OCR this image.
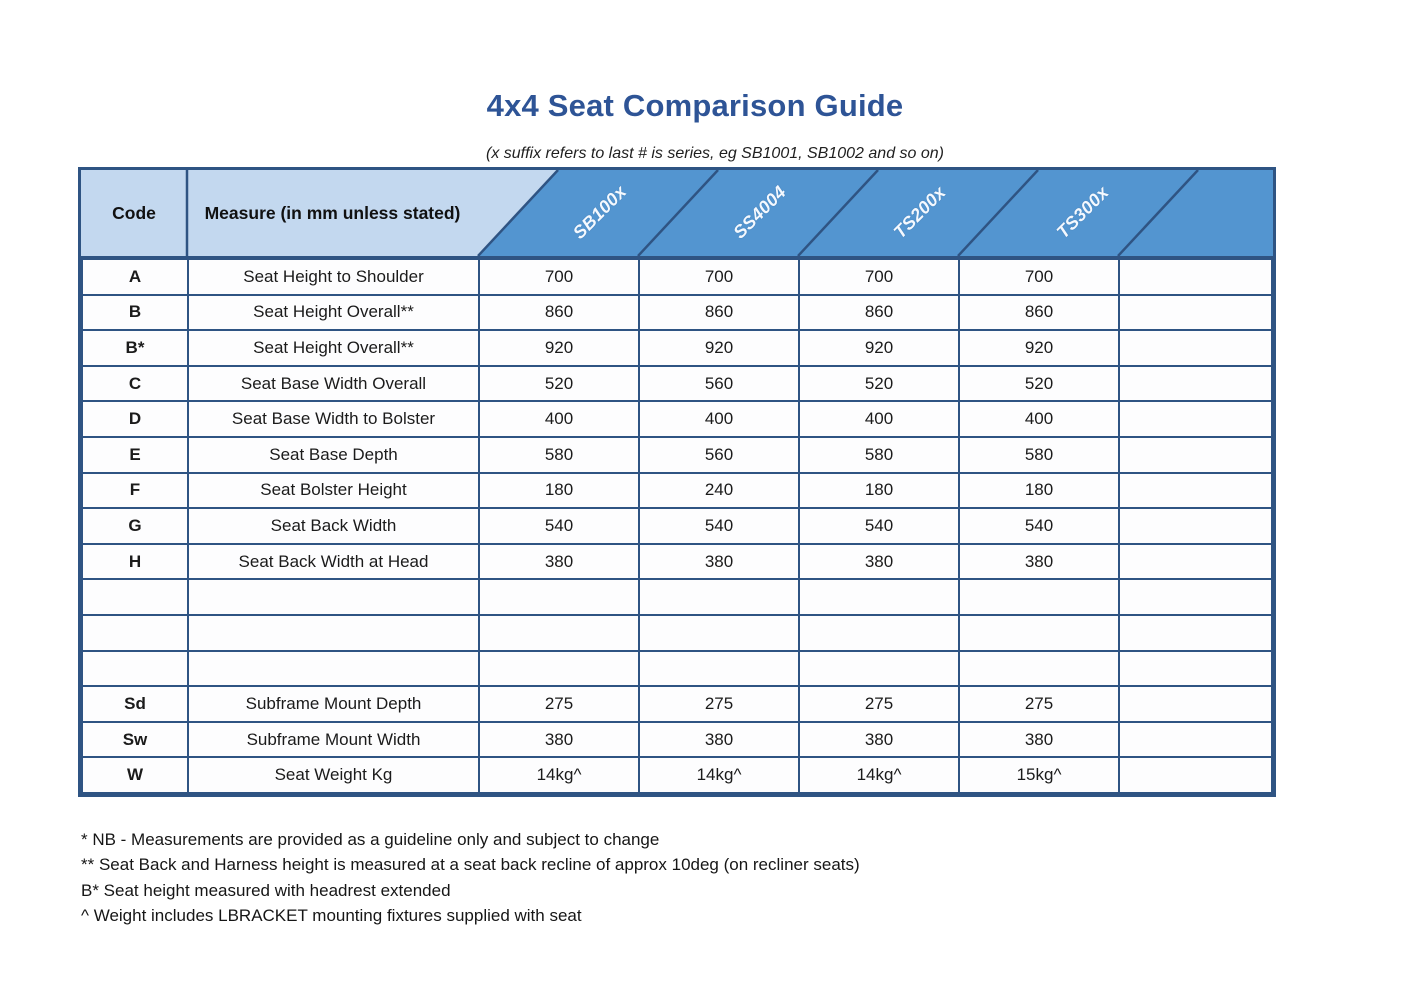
4x4 Seat Comparison Guide
(x suffix refers to last # is series, eg SB1001, SB1002 and so on)
Code	Measure (in mm unless stated)	SB100x	SS4004	TS200x	TS300x
A	Seat Height to Shoulder	700	700	700	700	
B	Seat Height Overall**	860	860	860	860	
B*	Seat Height Overall**	920	920	920	920	
C	Seat Base Width Overall	520	560	520	520	
D	Seat Base Width to Bolster	400	400	400	400	
E	Seat Base Depth	580	560	580	580	
F	Seat Bolster Height	180	240	180	180	
G	Seat Back Width	540	540	540	540	
H	Seat Back Width at Head	380	380	380	380	

Sd	Subframe Mount Depth	275	275	275	275	
Sw	Subframe Mount Width	380	380	380	380	
W	Seat Weight Kg	14kg^	14kg^	14kg^	15kg^	
* NB - Measurements are provided as a guideline only and subject to change
** Seat Back and Harness height is measured at a seat back recline of approx 10deg (on recliner seats)
B* Seat height measured with headrest extended
^ Weight includes LBRACKET mounting fixtures supplied with seat
